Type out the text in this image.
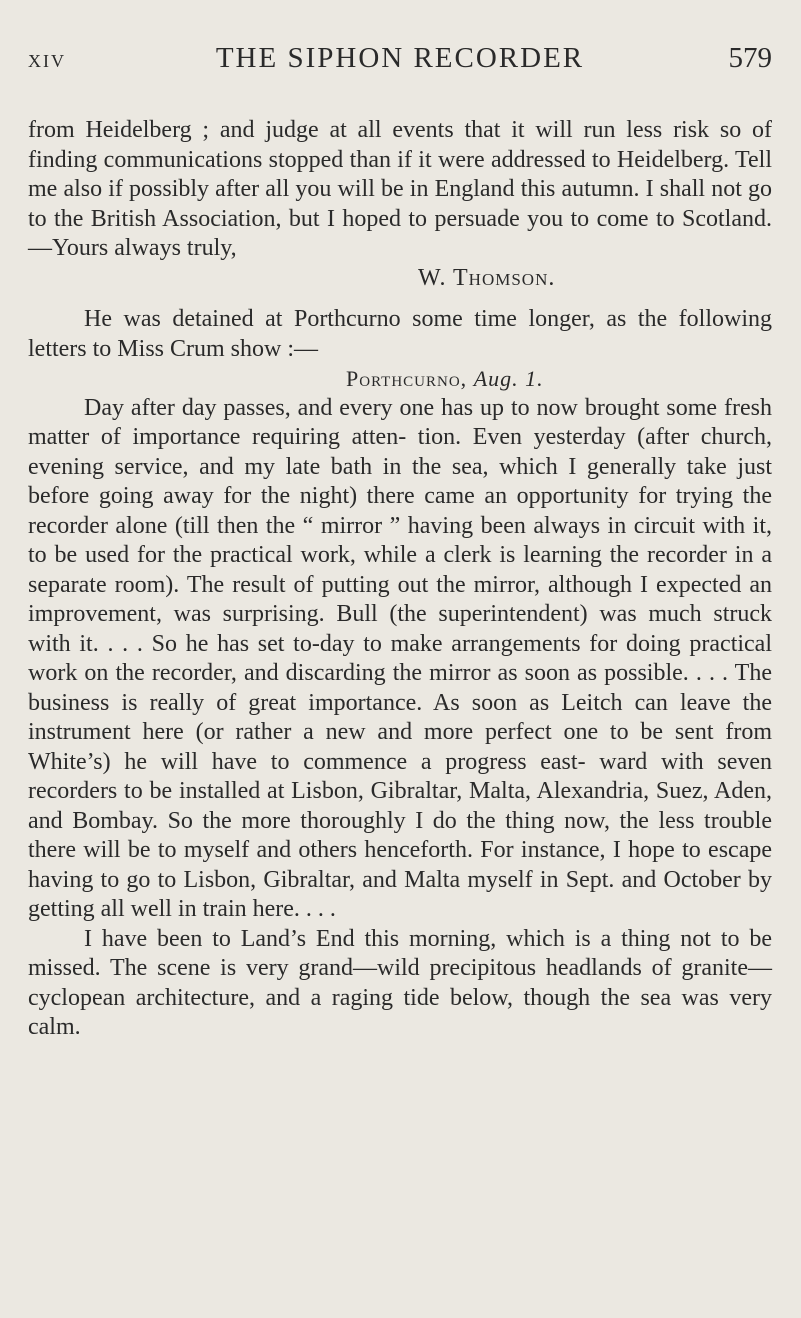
XIV	THE SIPHON RECORDER	579

from Heidelberg ; and judge at all events that it will run less risk so of finding communications stopped than if it were addressed to Heidelberg. Tell me also if possibly after all you will be in England this autumn. I shall not go to the British Association, but I hoped to persuade you to come to Scotland.—Yours always truly,

W. Thomson.

He was detained at Porthcurno some time longer, as the following letters to Miss Crum show :—

Porthcurno, Aug. 1.

Day after day passes, and every one has up to now brought some fresh matter of importance requiring atten- tion. Even yesterday (after church, evening service, and my late bath in the sea, which I generally take just before going away for the night) there came an opportunity for trying the recorder alone (till then the “ mirror ” having been always in circuit with it, to be used for the practical work, while a clerk is learning the recorder in a separate room). The result of putting out the mirror, although I expected an improvement, was surprising. Bull (the superintendent) was much struck with it. . . . So he has set to-day to make arrangements for doing practical work on the recorder, and discarding the mirror as soon as possible. . . . The business is really of great importance. As soon as Leitch can leave the instrument here (or rather a new and more perfect one to be sent from White’s) he will have to commence a progress east- ward with seven recorders to be installed at Lisbon, Gibraltar, Malta, Alexandria, Suez, Aden, and Bombay. So the more thoroughly I do the thing now, the less trouble there will be to myself and others henceforth. For instance, I hope to escape having to go to Lisbon, Gibraltar, and Malta myself in Sept. and October by getting all well in train here. . . .

I have been to Land’s End this morning, which is a thing not to be missed. The scene is very grand—wild precipitous headlands of granite—cyclopean architecture, and a raging tide below, though the sea was very calm.
